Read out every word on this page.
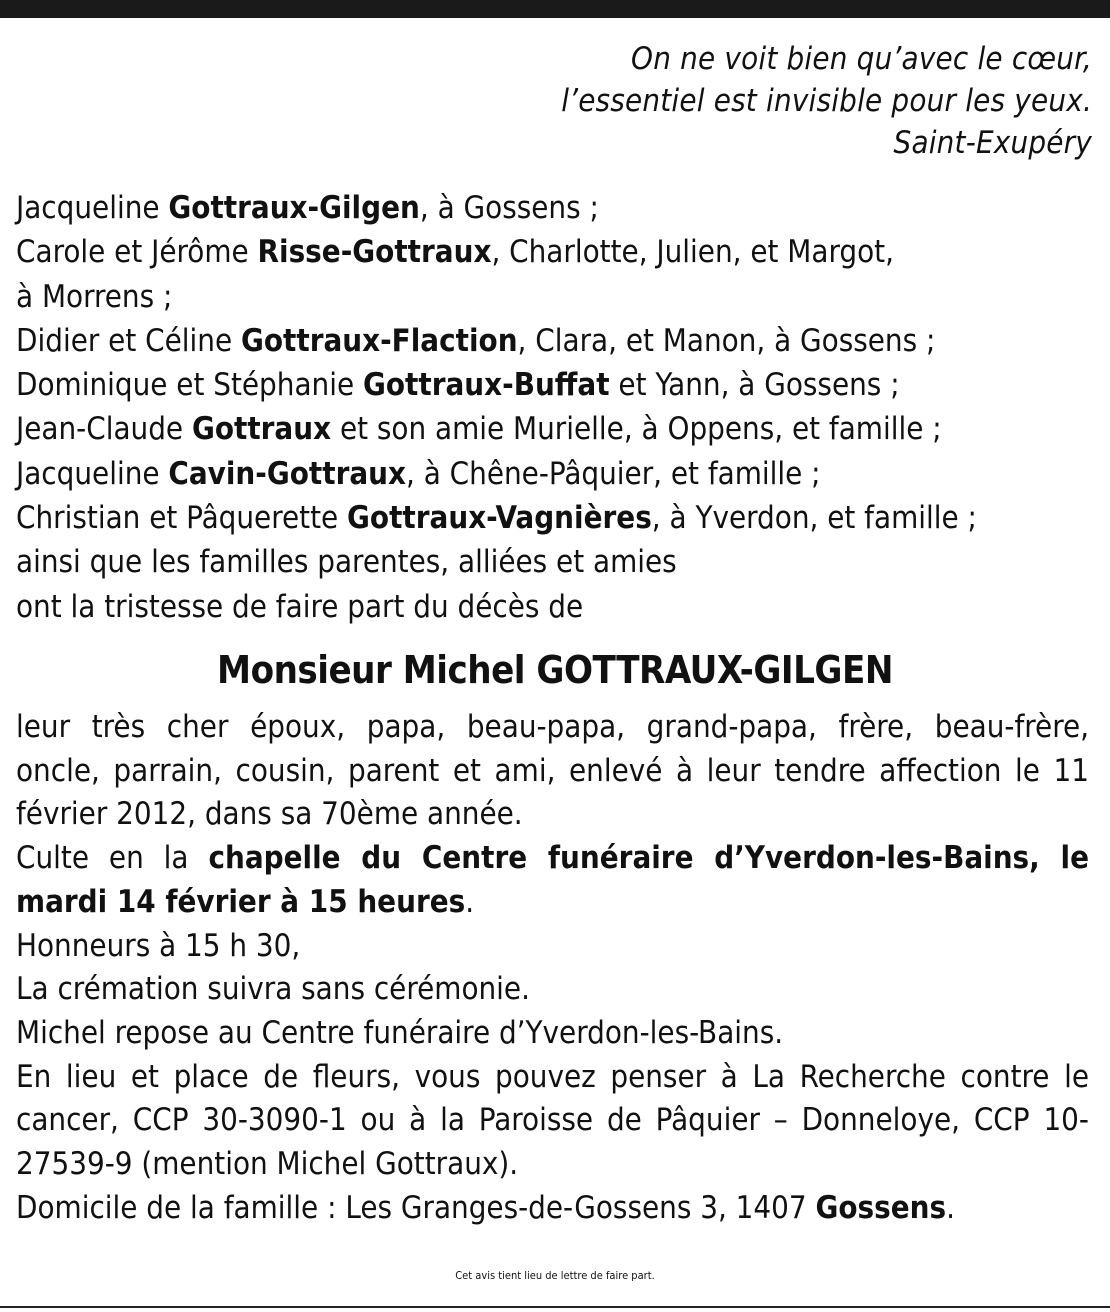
On ne voit bien qu’avec le cœur,
l’essentiel est invisible pour les yeux.
Saint-Exupéry
Jacqueline Gottraux-Gilgen, à Gossens ;
Carole et Jérôme Risse-Gottraux, Charlotte, Julien, et Margot,
à Morrens ;
Didier et Céline Gottraux-Flaction, Clara, et Manon, à Gossens ;
Dominique et Stéphanie Gottraux-Buffat et Yann, à Gossens ;
Jean-Claude Gottraux et son amie Murielle, à Oppens, et famille ;
Jacqueline Cavin-Gottraux, à Chêne-Pâquier, et famille ;
Christian et Pâquerette Gottraux-Vagnières, à Yverdon, et famille ;
ainsi que les familles parentes, alliées et amies
ont la tristesse de faire part du décès de
Monsieur Michel GOTTRAUX-GILGEN
leur très cher époux, papa, beau-papa, grand-papa, frère, beau-frère,
oncle, parrain, cousin, parent et ami, enlevé à leur tendre affection le 11
février 2012, dans sa 70ème année.
Culte en la chapelle du Centre funéraire d’Yverdon-les-Bains, le
mardi 14 février à 15 heures.
Honneurs à 15 h 30,
La crémation suivra sans cérémonie.
Michel repose au Centre funéraire d’Yverdon-les-Bains.
En lieu et place de fleurs, vous pouvez penser à La Recherche contre le
cancer, CCP 30-3090-1 ou à la Paroisse de Pâquier – Donneloye, CCP 10-
27539-9 (mention Michel Gottraux).
Domicile de la famille : Les Granges-de-Gossens 3, 1407 Gossens.
Cet avis tient lieu de lettre de faire part.
